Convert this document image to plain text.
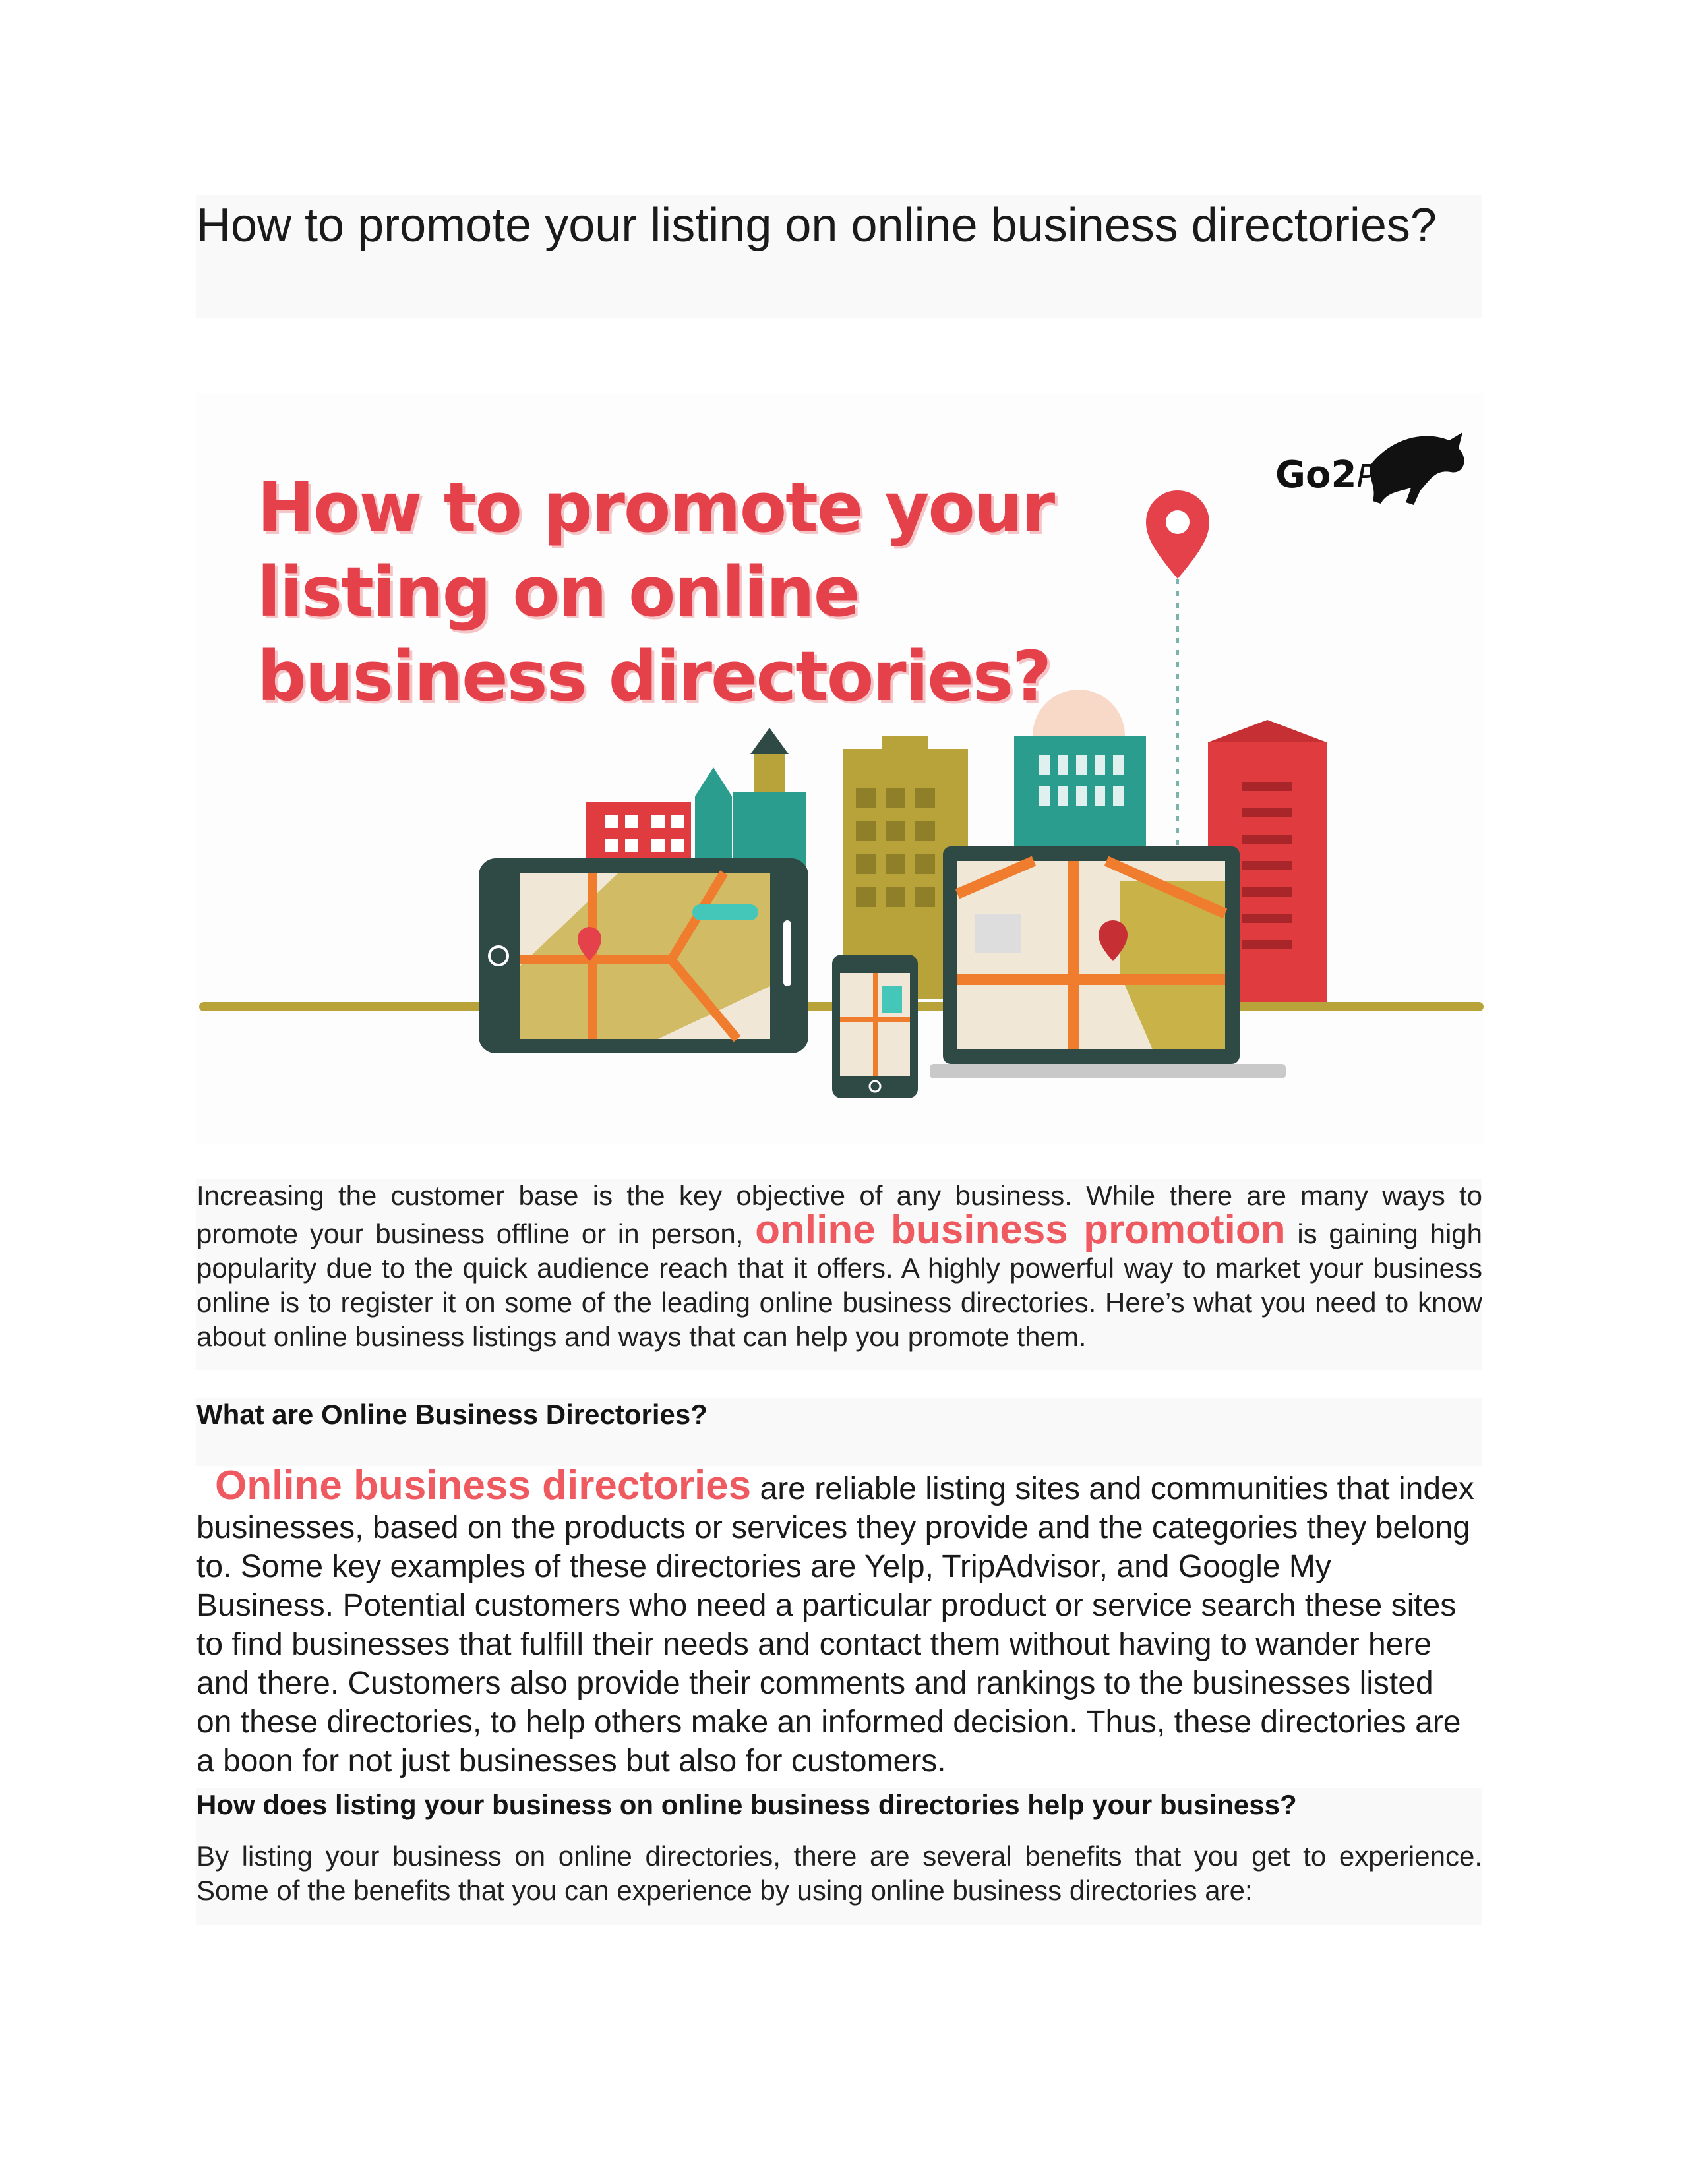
How to promote your listing on online business directories?
How to promote your listing on online business directories?
Go2PCR

Increasing the customer base is the key objective of any business. While there are many ways to promote your business offline or in person, online business promotion is gaining high popularity due to the quick audience reach that it offers. A highly powerful way to market your business online is to register it on some of the leading online business directories. Here’s what you need to know about online business listings and ways that can help you promote them.

What are Online Business Directories?

Online business directories are reliable listing sites and communities that index businesses, based on the products or services they provide and the categories they belong to. Some key examples of these directories are Yelp, TripAdvisor, and Google My Business. Potential customers who need a particular product or service search these sites to find businesses that fulfill their needs and contact them without having to wander here and there. Customers also provide their comments and rankings to the businesses listed on these directories, to help others make an informed decision. Thus, these directories are a boon for not just businesses but also for customers.

How does listing your business on online business directories help your business?

By listing your business on online directories, there are several benefits that you get to experience. Some of the benefits that you can experience by using online business directories are:
